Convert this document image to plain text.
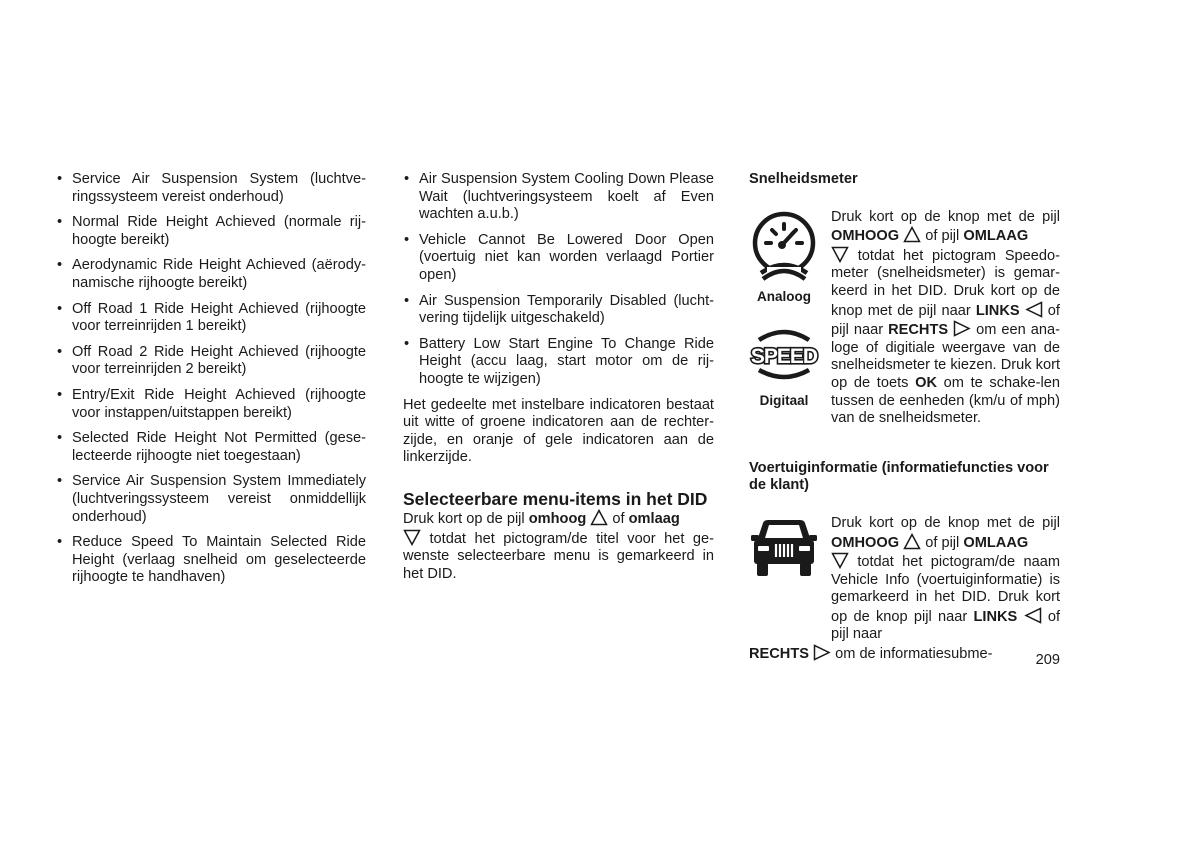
• Service Air Suspension System (luchtve-ringssysteem vereist onderhoud)
• Normal Ride Height Achieved (normale rij-hoogte bereikt)
• Aerodynamic Ride Height Achieved (aërody-namische rijhoogte bereikt)
• Off Road 1 Ride Height Achieved (rijhoogte voor terreinrijden 1 bereikt)
• Off Road 2 Ride Height Achieved (rijhoogte voor terreinrijden 2 bereikt)
• Entry/Exit Ride Height Achieved (rijhoogte voor instappen/uitstappen bereikt)
• Selected Ride Height Not Permitted (gese-lecteerde rijhoogte niet toegestaan)
• Service Air Suspension System Immediately (luchtveringssysteem vereist onmiddellijk onderhoud)
• Reduce Speed To Maintain Selected Ride Height (verlaag snelheid om geselecteerde rijhoogte te handhaven)
• Air Suspension System Cooling Down Please Wait (luchtveringsysteem koelt af Even wachten a.u.b.)
• Vehicle Cannot Be Lowered Door Open (voertuig niet kan worden verlaagd Portier open)
• Air Suspension Temporarily Disabled (lucht-vering tijdelijk uitgeschakeld)
• Battery Low Start Engine To Change Ride Height (accu laag, start motor om de rij-hoogte te wijzigen)

Het gedeelte met instelbare indicatoren bestaat uit witte of groene indicatoren aan de rechter-zijde, en oranje of gele indicatoren aan de linkerzijde.

Selecteerbare menu-items in het DID

Druk kort op de pijl omhoog
of omlaag

totdat het pictogram/de titel voor het ge-wenste selecteerbare menu is gemarkeerd in het DID.

Snelheidsmeter
Analoog
SPEED
Digitaal

Druk kort op de knop met de pijl OMHOOG
of pijl OMLAAG

totdat het pictogram Speedo-meter (snelheidsmeter) is gemar-keerd in het DID. Druk kort op de knop met de pijl naar LINKS
of pijl naar RECHTS
om een ana-loge of digitiale weergave van de snelheidsmeter te kiezen. Druk kort op de toets OK om te schake-len tussen de eenheden (km/u of mph) van de snelheidsmeter.

Voertuiginformatie (informatiefuncties voor de klant)

Druk kort op de knop met de pijl OMHOOG
of pijl OMLAAG

totdat het pictogram/de naam Vehicle Info (voertuiginformatie) is gemarkeerd in het DID. Druk kort op de knop pijl naar LINKS
of pijl naar

RECHTS
om de informatiesubme-	209
